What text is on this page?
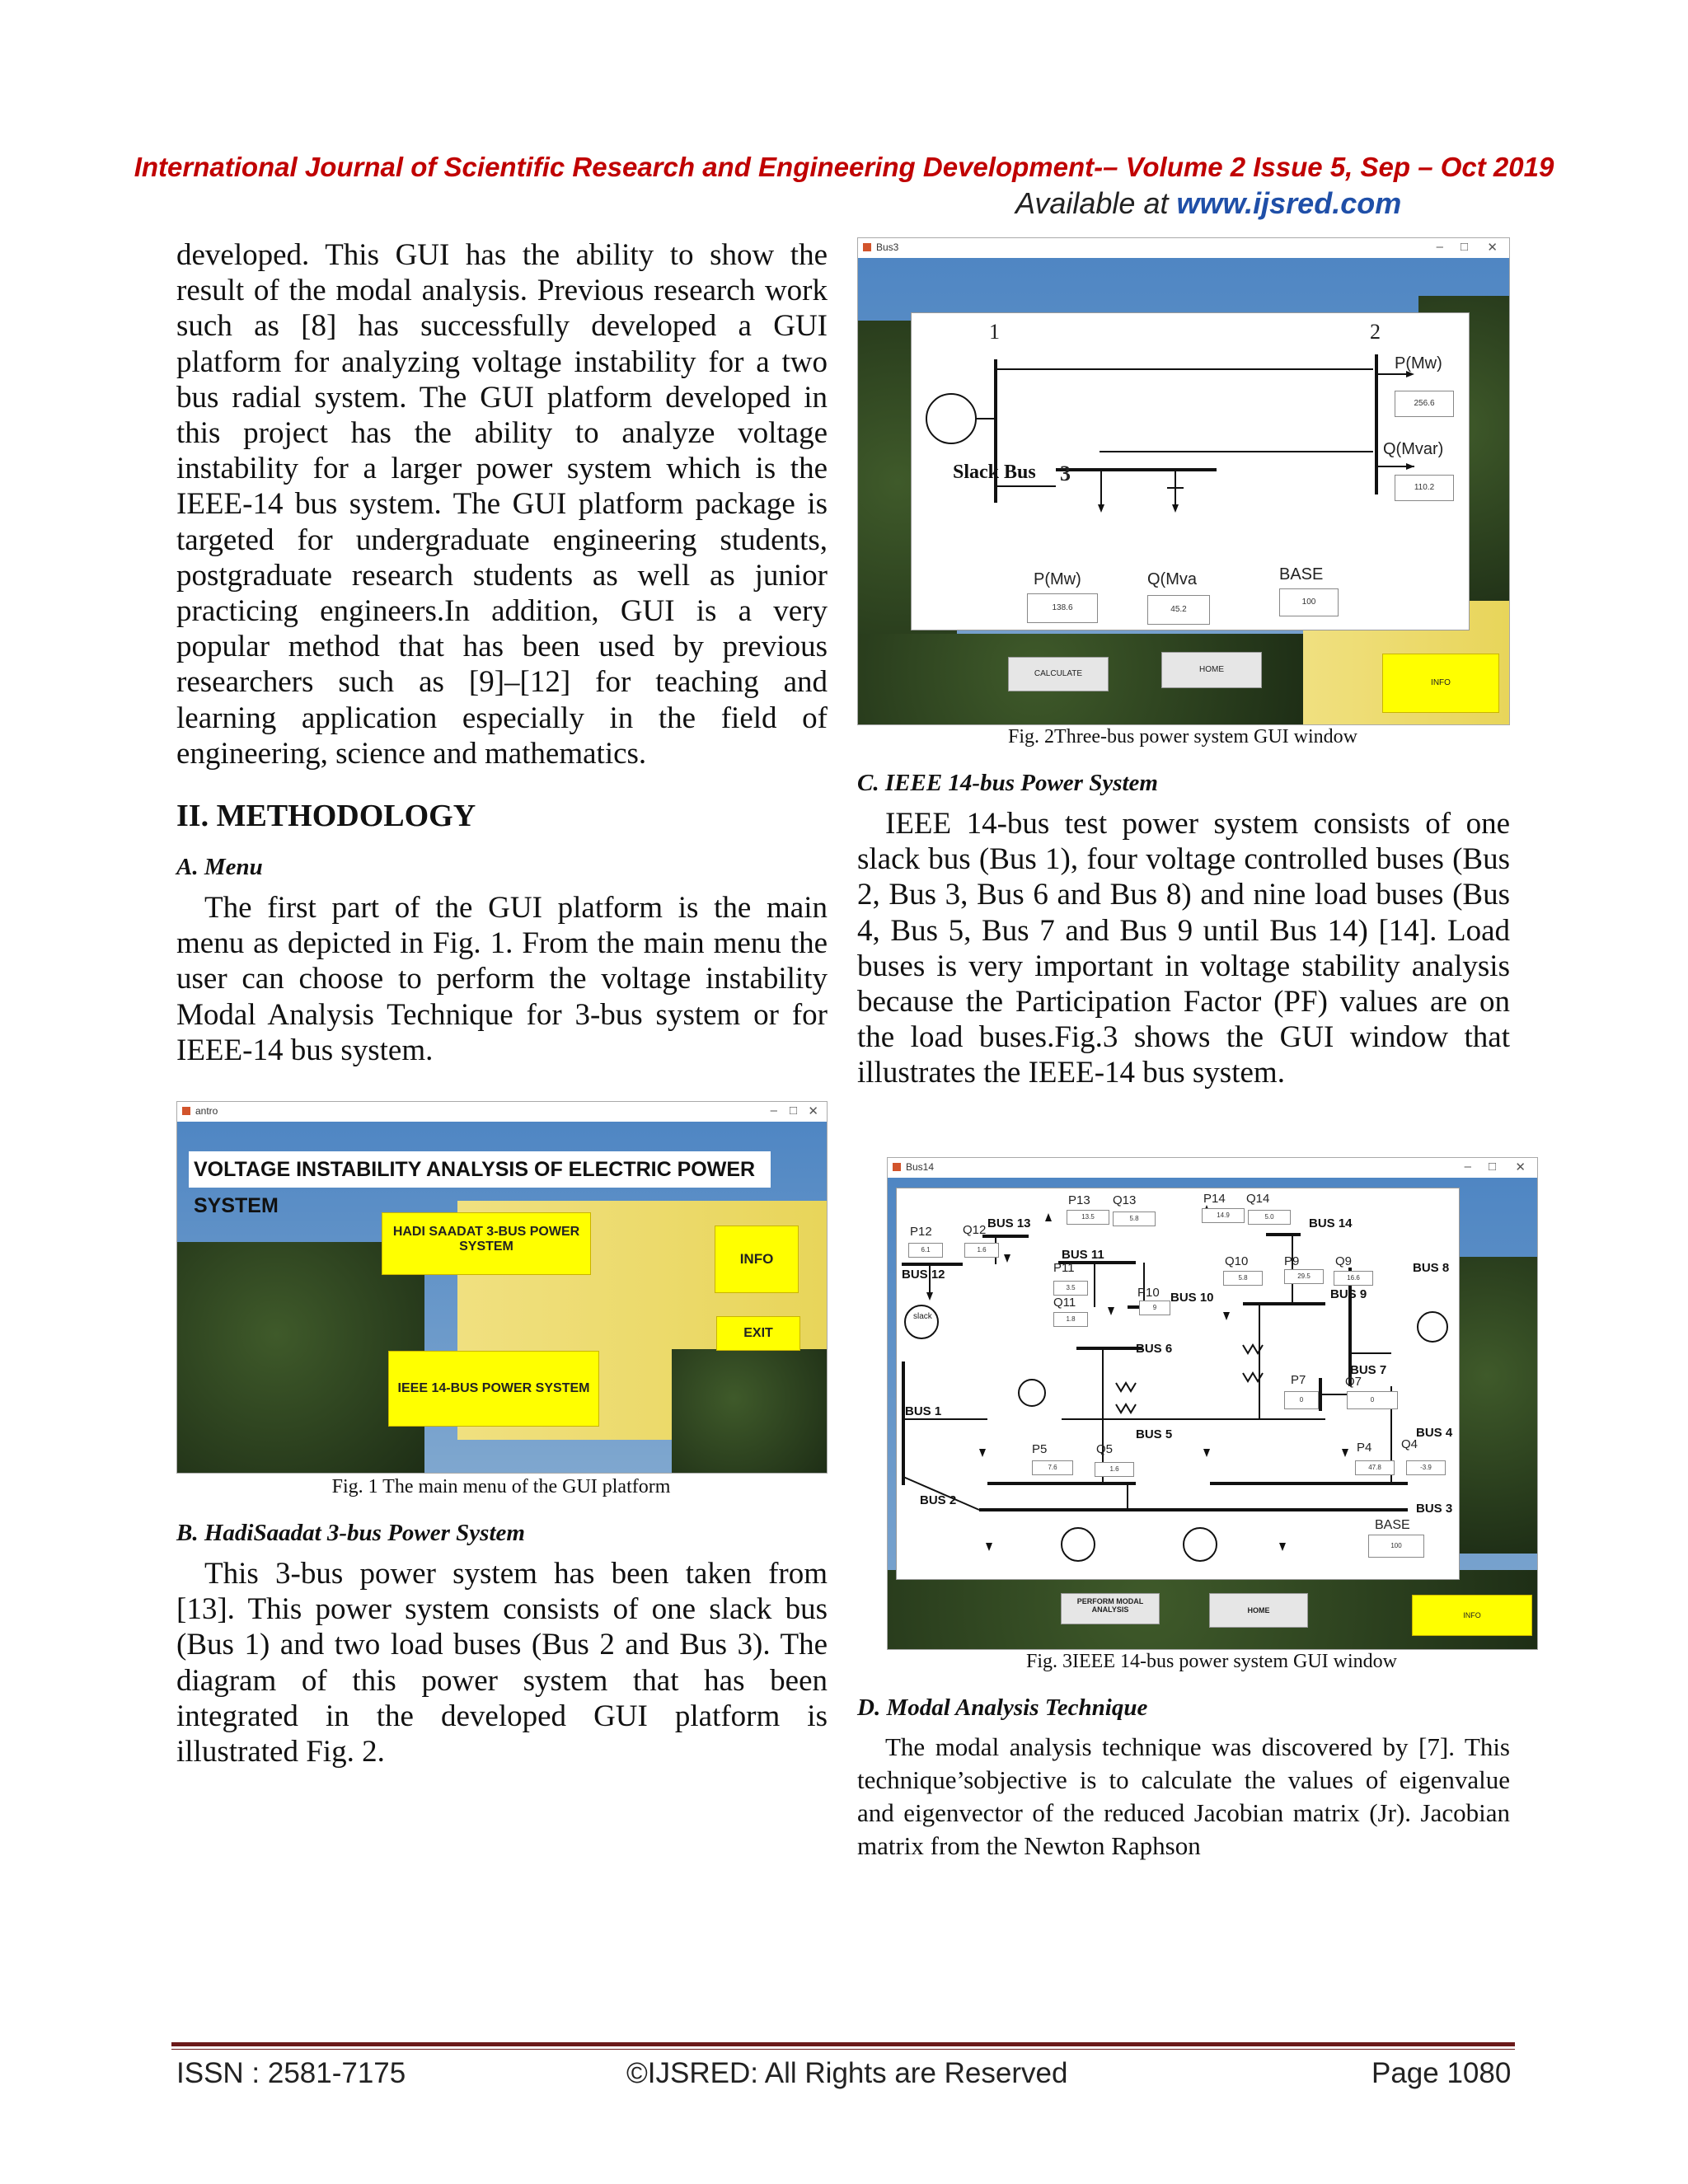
International Journal of Scientific Research and Engineering Development-– Volume 2 Issue 5, Sep – Oct 2019
Available at www.ijsred.com

developed. This GUI has the ability to show the result of the modal analysis. Previous research work such as [8] has successfully developed a GUI platform for analyzing voltage instability for a two bus radial system. The GUI platform developed in this project has the ability to analyze voltage instability for a larger power system which is the IEEE-14 bus system. The GUI platform package is targeted for undergraduate engineering students, postgraduate research students as well as junior practicing engineers.In addition, GUI is a very popular method that has been used by previous researchers such as [9]–[12] for teaching and learning application especially in the field of engineering, science and mathematics.

II. METHODOLOGY
A. Menu

The first part of the GUI platform is the main menu as depicted in Fig. 1. From the main menu the user can choose to perform the voltage instability Modal Analysis Technique for 3-bus system or for IEEE-14 bus system.

antro	– □ ✕
VOLTAGE INSTABILITY ANALYSIS OF ELECTRIC POWER SYSTEM
HADI SAADAT 3-BUS POWER SYSTEM
INFO
EXIT
IEEE 14-BUS POWER SYSTEM
Fig. 1 The main menu of the GUI platform
B. HadiSaadat 3-bus Power System

This 3-bus power system has been taken from [13]. This power system consists of one slack bus (Bus 1) and two load buses (Bus 2 and Bus 3). The diagram of this power system that has been integrated in the developed GUI platform is illustrated Fig. 2.

Bus3	– □ ✕
1	2
3
Slack Bus
P(Mw)
256.6
Q(Mvar)
110.2
P(Mw)
138.6
Q(Mva
45.2
BASE
100
CALCULATE	HOME
INFO
Fig. 2Three-bus power system GUI window
C. IEEE 14-bus Power System

IEEE 14-bus test power system consists of one slack bus (Bus 1), four voltage controlled buses (Bus 2, Bus 3, Bus 6 and Bus 8) and nine load buses (Bus 4, Bus 5, Bus 7 and Bus 9 until Bus 14) [14]. Load buses is very important in voltage stability analysis because the Participation Factor (PF) values are on the load buses.Fig.3 shows the GUI window that illustrates the IEEE-14 bus system.

Bus14	– □ ✕
slack
BUS 13
BUS 12
BUS 11
BUS 10
BUS 14
BUS 8
BUS 9
BUS 6
BUS 7
BUS 1
BUS 5	BUS 4
BUS 2
BUS 3
P13
13.5
Q13
5.8
P14
14.9
Q14
5.0
P12
6.1
Q12
1.6
P11
3.5
Q11
1.8
P10
9
Q10
5.8
P9
29.5
Q9
16.6
P7
0
Q7
0
P5
7.6
Q5
1.6
P4
47.8
Q4
-3.9
BASE
100
PERFORM MODAL ANALYSIS	HOME
INFO
Fig. 3IEEE 14-bus power system GUI window
D. Modal Analysis Technique

The modal analysis technique was discovered by [7]. This technique’sobjective is to calculate the values of eigenvalue and eigenvector of the reduced Jacobian matrix (Jr). Jacobian matrix from the Newton Raphson

ISSN : 2581-7175	©IJSRED: All Rights are Reserved	Page 1080
